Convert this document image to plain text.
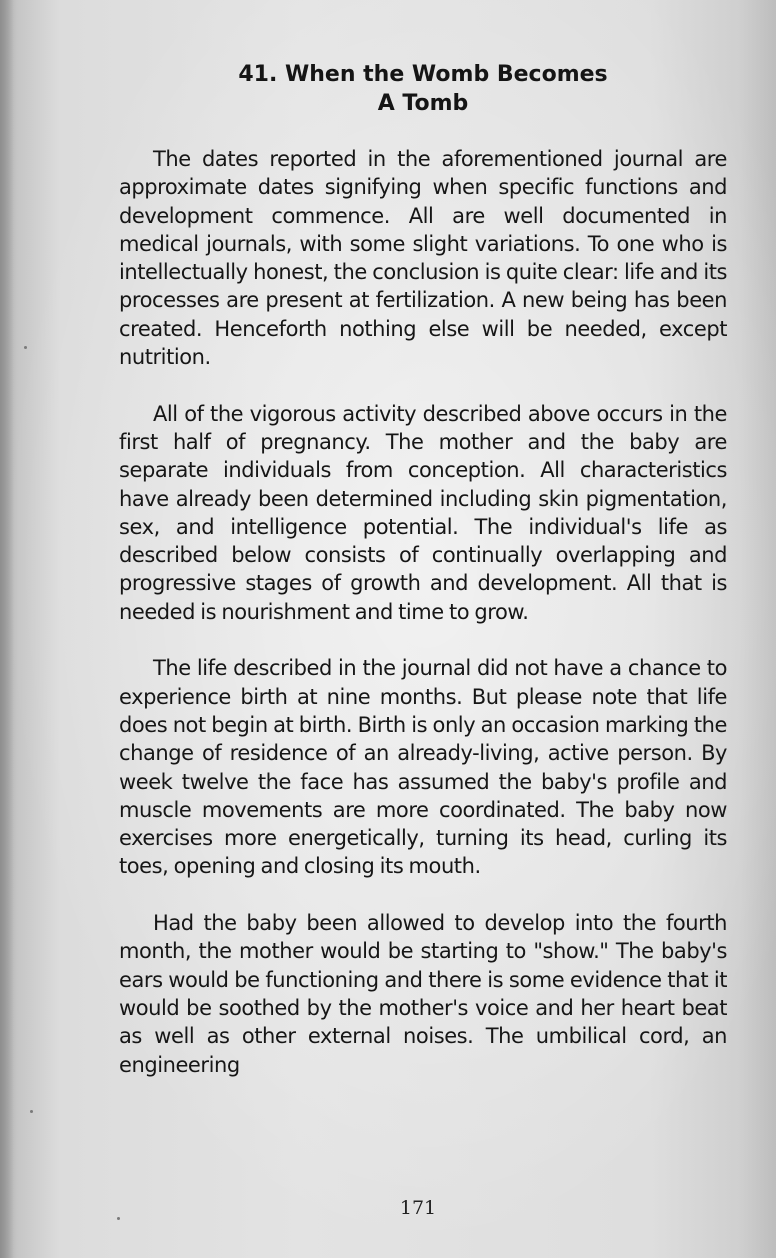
41. When the Womb Becomes
A Tomb

The dates reported in the aforementioned journal are approximate dates signifying when specific functions and development commence. All are well documented in medical journals, with some slight variations. To one who is intellectually honest, the conclusion is quite clear: life and its processes are present at fertilization. A new being has been created. Henceforth nothing else will be needed, except nutrition.

All of the vigorous activity described above occurs in the first half of pregnancy. The mother and the baby are separate individuals from conception. All characteristics have already been determined including skin pigmentation, sex, and intelligence potential. The individual's life as described below consists of continually overlapping and progressive stages of growth and development. All that is needed is nourishment and time to grow.

The life described in the journal did not have a chance to experience birth at nine months. But please note that life does not begin at birth. Birth is only an occasion marking the change of residence of an already-living, active person. By week twelve the face has assumed the baby's profile and muscle movements are more coordinated. The baby now exercises more energetically, turning its head, curling its toes, opening and closing its mouth.

Had the baby been allowed to develop into the fourth month, the mother would be starting to "show." The baby's ears would be functioning and there is some evidence that it would be soothed by the mother's voice and her heart beat as well as other external noises. The umbilical cord, an engineering

171
